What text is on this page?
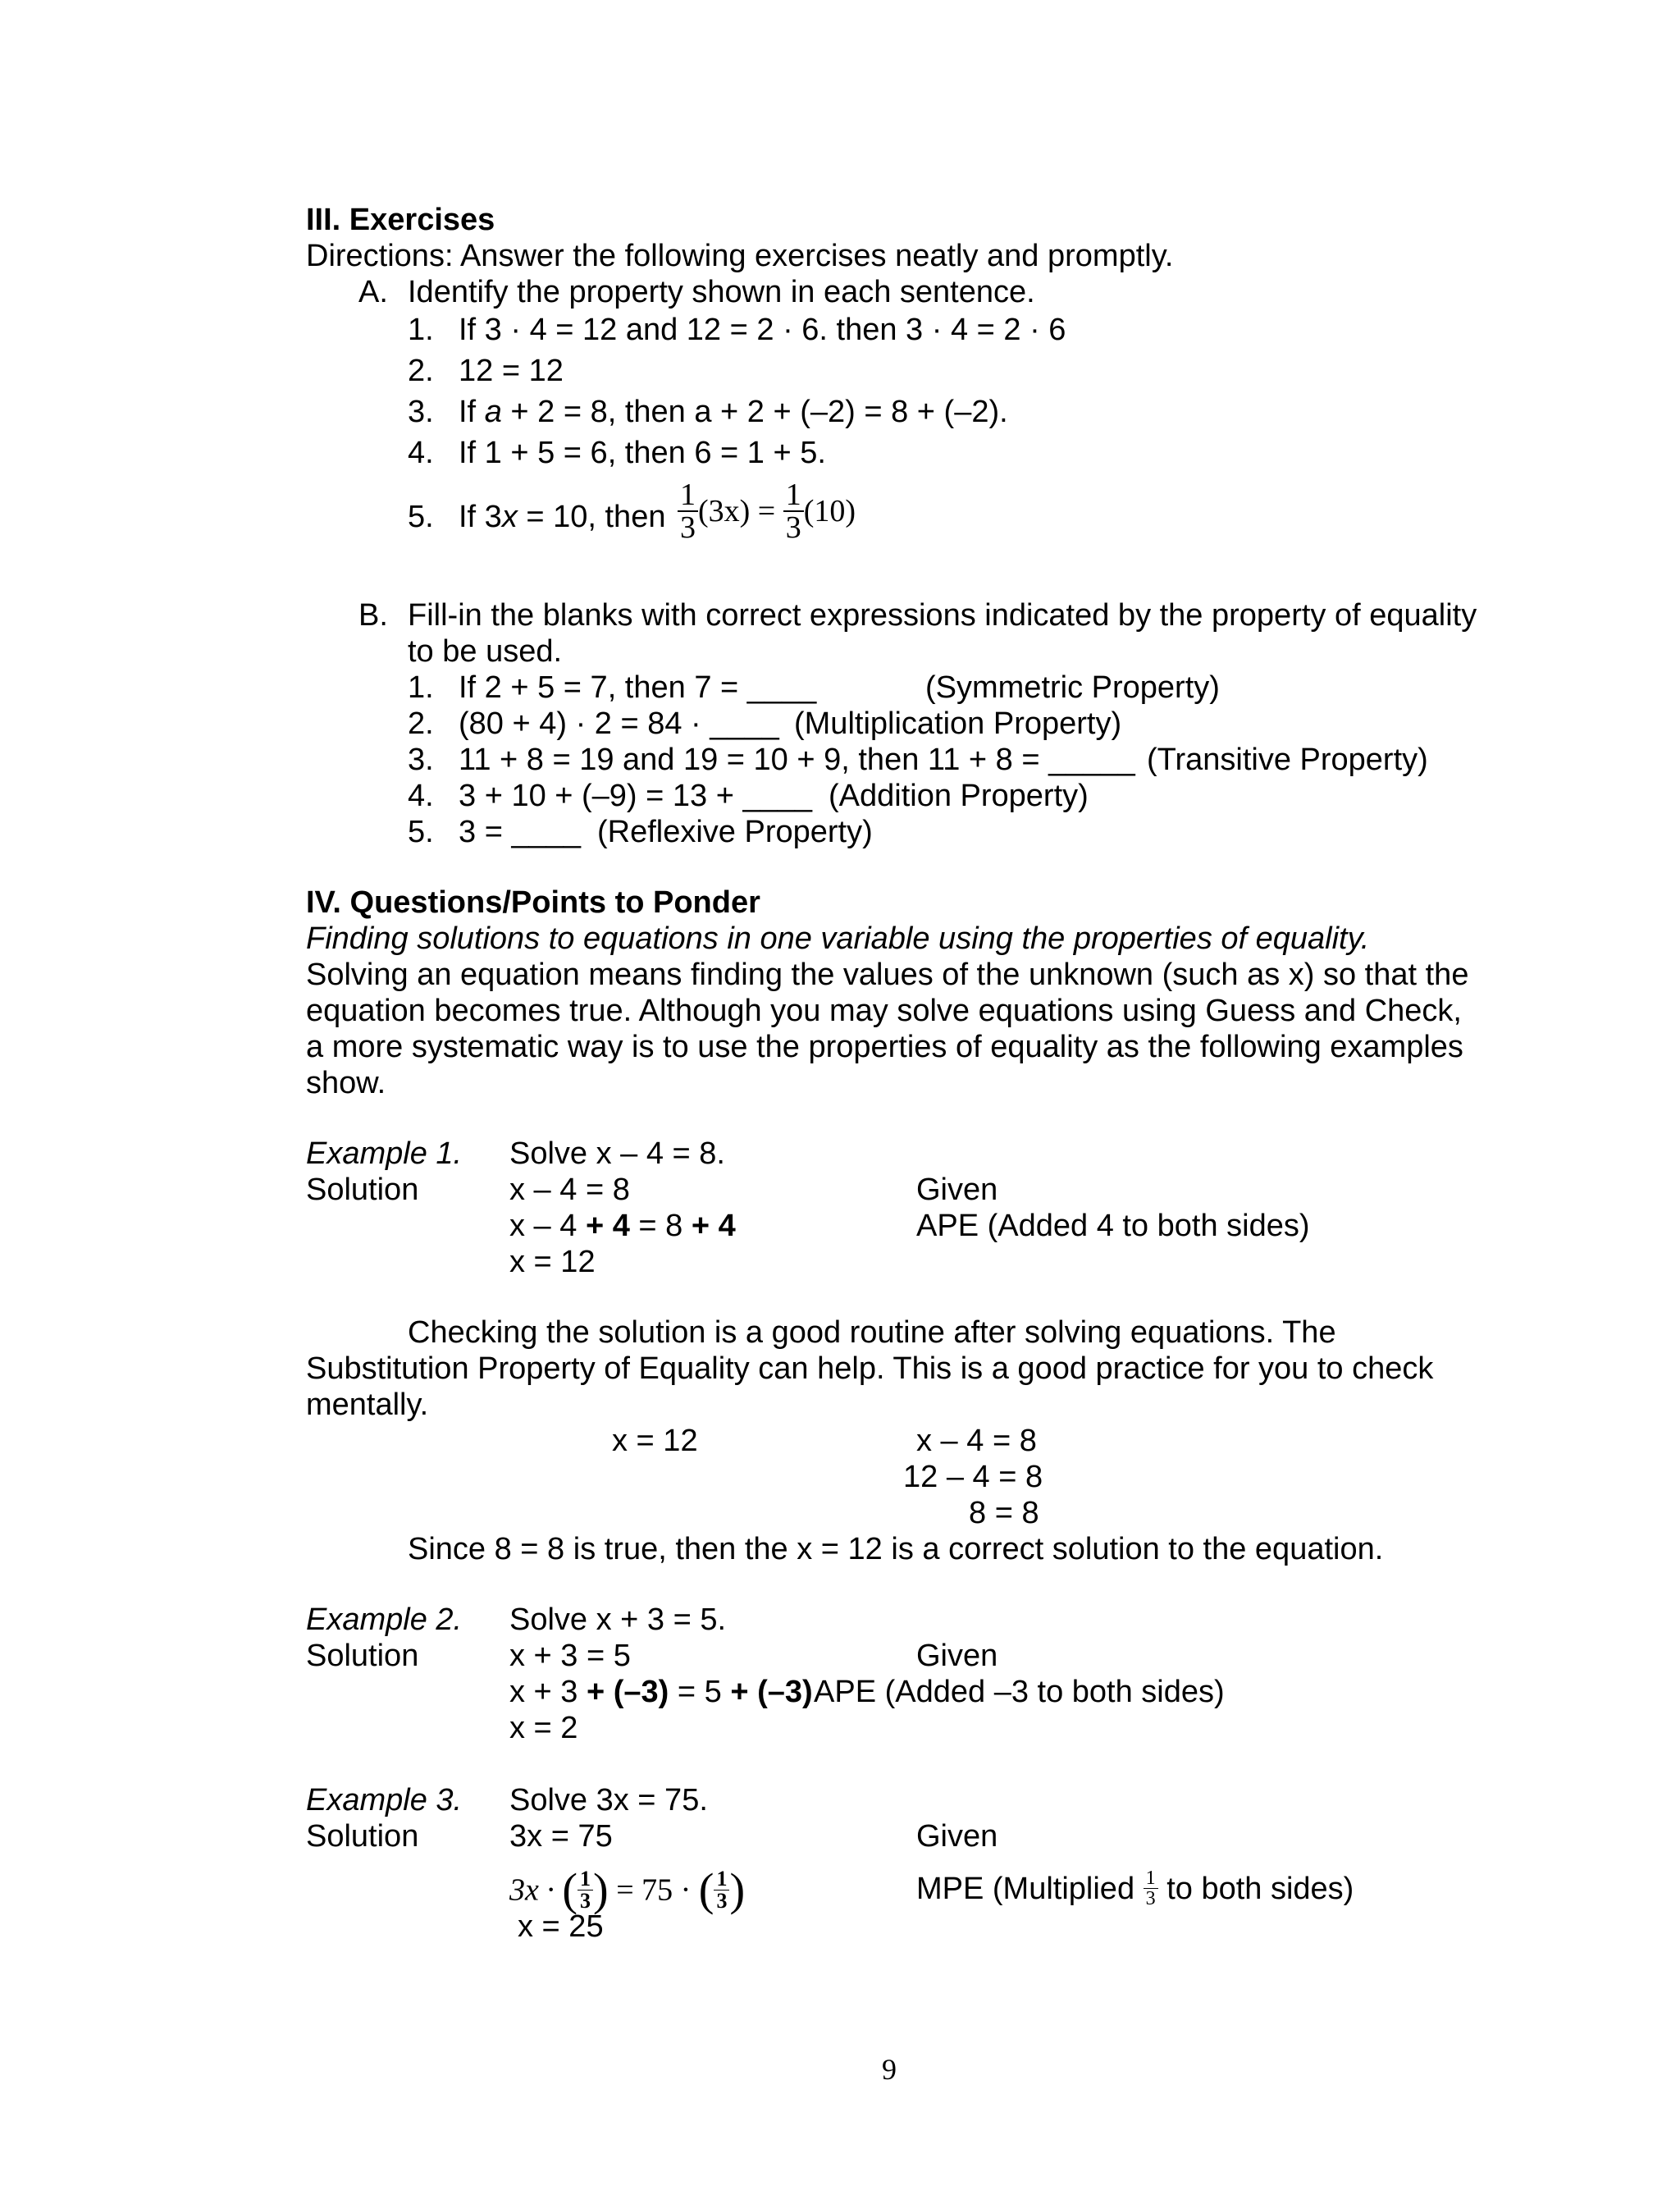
III. Exercises
Directions: Answer the following exercises neatly and promptly.
A. Identify the property shown in each sentence.
1. If 3 · 4 = 12 and 12 = 2 · 6. then 3 · 4 = 2 · 6
2. 12 = 12
3. If a + 2 = 8, then a + 2 + (–2) = 8 + (–2).
4. If 1 + 5 = 6, then 6 = 1 + 5.
5. If 3x = 10, then $\frac{1}{3} (3x) = \frac{1}{3} (10)$
B. Fill-in the blanks with correct expressions indicated by the property of equality
to be used.
1. If 2 + 5 = 7, then 7 = ____	(Symmetric Property)
2. (80 + 4) · 2 = 84 · ____ (Multiplication Property)
3. 11 + 8 = 19 and 19 = 10 + 9, then 11 + 8 = _____ (Transitive Property)
4. 3 + 10 + (–9) = 13 + ____ (Addition Property)
5. 3 = ____ (Reflexive Property)
IV. Questions/Points to Ponder
Finding solutions to equations in one variable using the properties of equality.
Solving an equation means finding the values of the unknown (such as x) so that the
equation becomes true. Although you may solve equations using Guess and Check,
a more systematic way is to use the properties of equality as the following examples
show.
Example 1. Solve x – 4 = 8.
Solution	x – 4 = 8	Given
x – 4 + 4 = 8 + 4	APE (Added 4 to both sides)
x = 12
Checking the solution is a good routine after solving equations. The
Substitution Property of Equality can help. This is a good practice for you to check
mentally.
x = 12	x – 4 = 8
12 – 4 = 8
8 = 8
Since 8 = 8 is true, then the x = 12 is a correct solution to the equation.
Example 2. Solve x + 3 = 5.
Solution	x + 3 = 5	Given
x + 3 + (–3) = 5 + (–3) APE (Added –3 to both sides)
x = 2
Example 3. Solve 3x = 75.
Solution	3x = 75	Given
3x · ( $\frac{1}{3}$ ) = 75 · ( $\frac{1}{3}$ )	MPE (Multiplied $\frac{1}{3}$ to both sides)
x = 25
9
